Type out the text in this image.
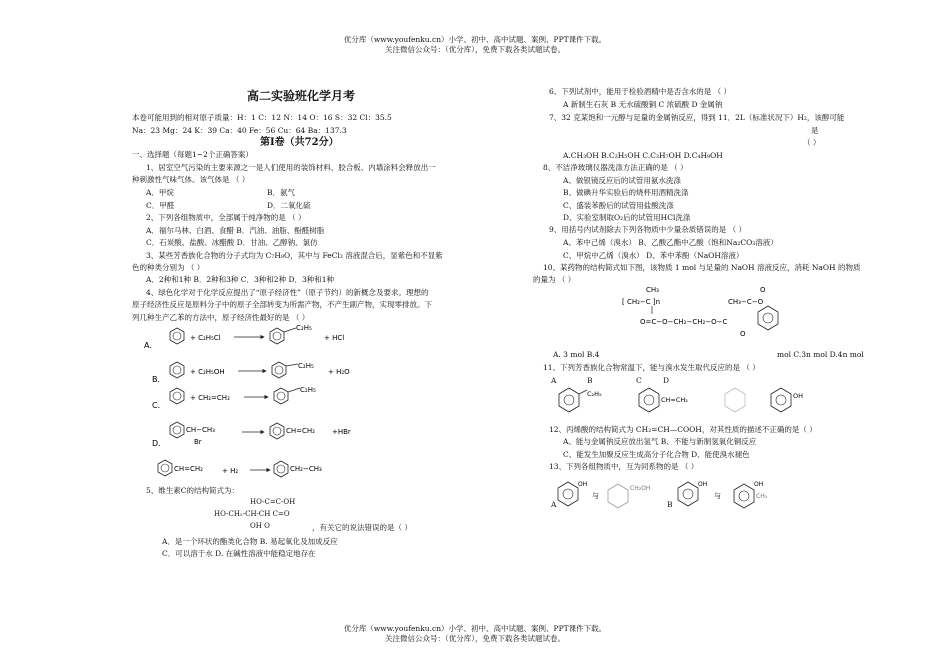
优分库（www.youfenku.cn）小学、初中、高中试题、案例、PPT课件下载。
关注微信公众号：（优分库），免费下载各类试题试卷。
优分库（www.youfenku.cn）小学、初中、高中试题、案例、PPT课件下载。
关注微信公众号：（优分库），免费下载各类试题试卷。
高二实验班化学月考
本卷可能用到的相对原子质量：H：1 C：12 N：14 O：16 S：32 Cl：35.5
Na：23 Mg：24 K：39 Ca：40 Fe：56 Cu：64 Ba：137.3
第Ⅰ卷（共72分）
一、选择题（每题1~2个正确答案）
1、居室空气污染的主要来源之一是人们使用的装饰材料、胶合板、内墙涂料会释放出一
种刺激性气味气体。该气体是 （ ）
A．甲烷	B．氨气
C．甲醛	D．二氧化硫
2、下列各组物质中，全部属于纯净物的是 （ ）
A．福尔马林、白酒、食醋 B．汽油、油脂、酚醛树脂
C．石炭酸、盐酸、冰醋酸 D．甘油、乙醇钠、氯仿
3、某些芳香族化合物的分子式均为 C₇H₈O，其中与 FeCl₃ 溶液混合后，显紫色和不显紫
色的种类分别为 （ ）
A．2种和1种 B．2种和3种 C．3种和2种 D．3种和1种
4、绿色化学对于化学反应提出了“原子经济性”（原子节约）的新概念及要求。理想的
原子经济性反应是原料分子中的原子全部转变为所需产物，不产生副产物，实现零排放。下
列几种生产乙苯的方法中，原子经济性最好的是 （ ）
A．
+ C₂H₅Cl
C₂H₅
+ HCl
B．
+ C₂H₅OH
C₂H₅
+ H₂O
C．
+ CH₂=CH₂
C₂H₅
D．
CH−CH₃
Br
CH=CH₂ +HBr
CH=CH₂	+ H₂	CH₂−CH₃
5、维生素C的结构简式为：
HO-C=C-OH
HO-CH₂-CH-CH C=O
OH O	，有关它的说法错误的是（ ）
A．是一个环状的酯类化合物 B. 易起氧化及加成反应
C．可以溶于水 D. 在碱性溶液中能稳定地存在
6、下列试剂中，能用于检验酒精中是否含水的是 （ ）
A 新制生石灰 B 无水硫酸铜 C 浓硫酸 D 金属钠
7、32 克某饱和一元醇与足量的金属钠反应，得到 11．2L（标准状况下）H₂，该醇可能
是
（ ）
A.CH₃OH B.C₂H₅OH C.C₃H₇OH D.C₄H₉OH
8、不洁净玻璃仪器洗涤方法正确的是 （ ）
A、做银镜反应后的试管用氨水洗涤
B、做碘升华实验后的烧杯用酒精洗涤
C、盛装苯酚后的试管用盐酸洗涤
D、实验室制取O₂后的试管用HCl洗涤
9、用括号内试剂除去下列各物质中少量杂质错误的是 （ ）
A、苯中己烯（溴水） B、乙酸乙酯中乙酸（饱和Na₂CO₃溶液）
C、甲烷中乙烯（溴水） D、苯中苯酚（NaOH溶液）
10、某药物的结构简式如下图，该物质 1 mol 与足量的 NaOH 溶液反应，消耗 NaOH 的物质
的量为 （ ）
CH₃
[ CH₂−C ]n
O=C−O−CH₂−CH₂−O−C
CH₃−C−O
O
O
A. 3 mol B.4	mol C.3n mol D.4n mol
11、下列芳香族化合物常温下，能与溴水发生取代反应的是 （ ）
A	B	C	D
C₂H₅
CH=CH₂	OH
12、丙烯酸的结构简式为 CH₂=CH—COOH，对其性质的描述不正确的是（ ）
A、能与金属钠反应放出氢气 B、不能与新制氢氧化铜反应
C、能发生加聚反应生成高分子化合物 D、能使溴水褪色
13、下列各组物质中，互为同系物的是 （ ）
OH
与
CH₂OH
OH
与
OH
CH₃
A	B
